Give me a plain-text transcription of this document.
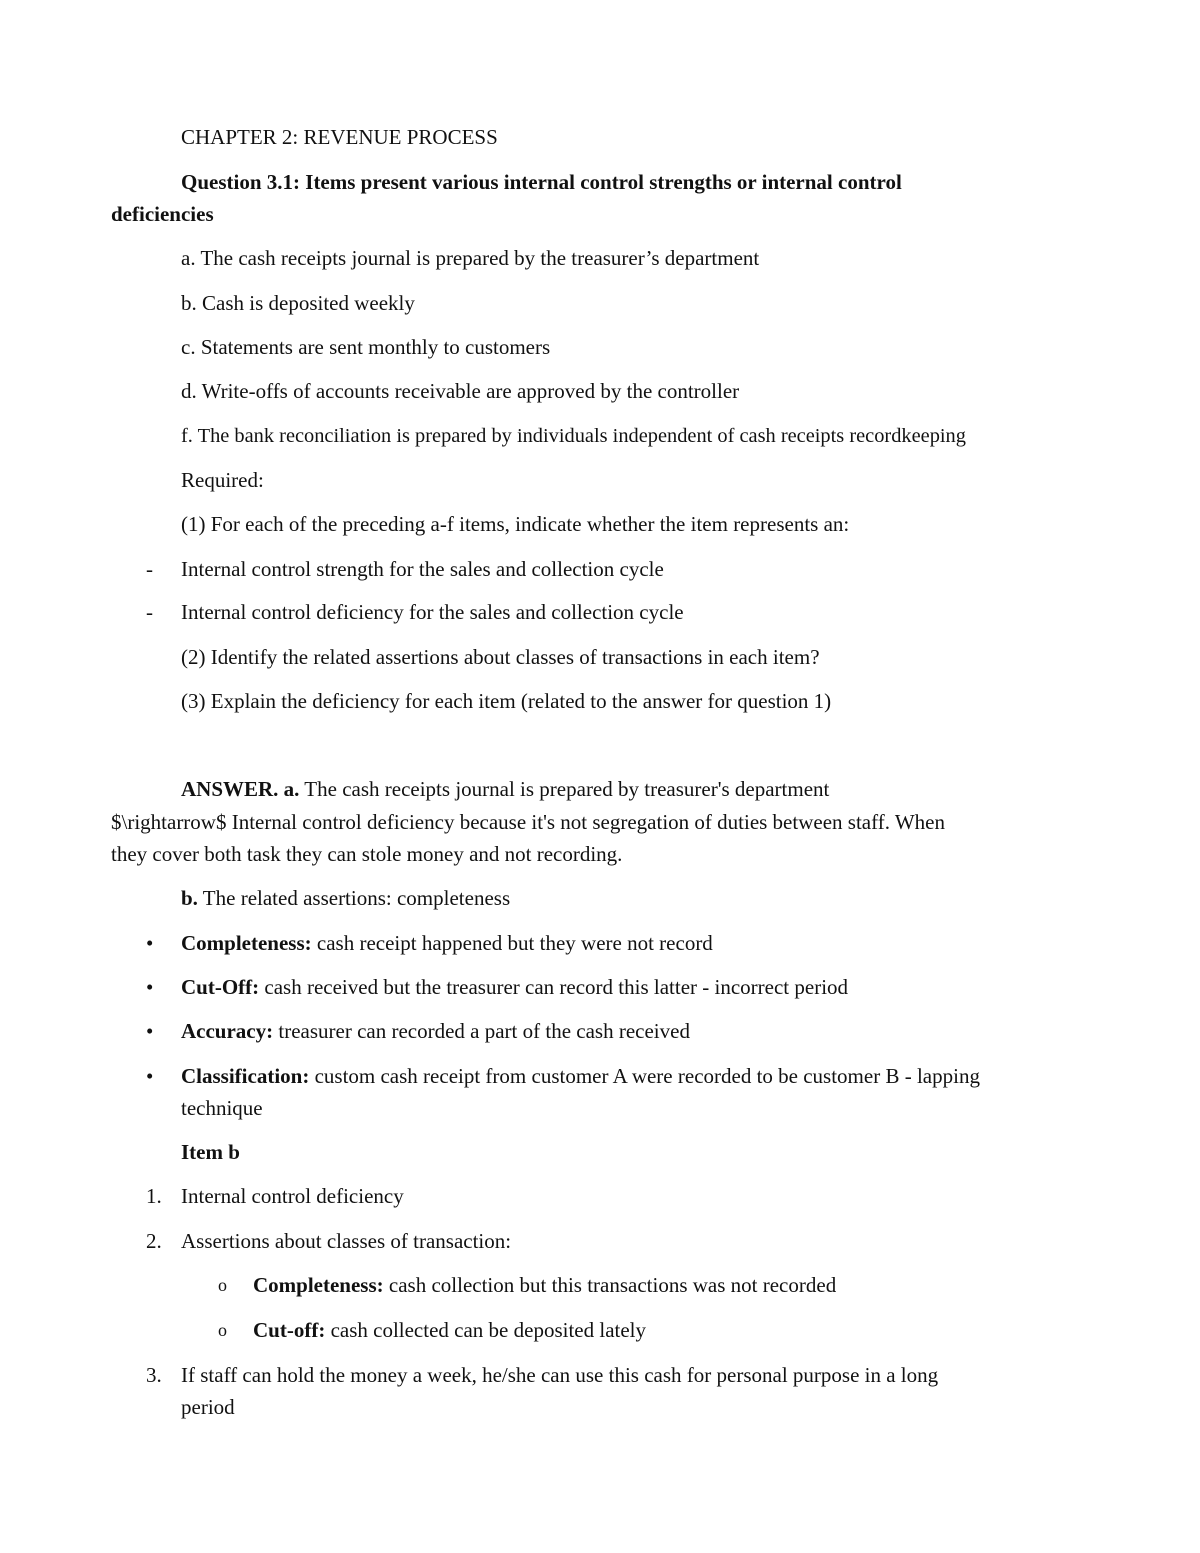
CHAPTER 2: REVENUE PROCESS
Question 3.1: Items present various internal control strengths or internal control
deficiencies
a. The cash receipts journal is prepared by the treasurer’s department
b. Cash is deposited weekly
c. Statements are sent monthly to customers
d. Write-offs of accounts receivable are approved by the controller
f. The bank reconciliation is prepared by individuals independent of cash receipts recordkeeping
Required:
(1) For each of the preceding a-f items, indicate whether the item represents an:
- Internal control strength for the sales and collection cycle
- Internal control deficiency for the sales and collection cycle
(2) Identify the related assertions about classes of transactions in each item?
(3) Explain the deficiency for each item (related to the answer for question 1)
ANSWER. a. The cash receipts journal is prepared by treasurer's department
$\rightarrow$ Internal control deficiency because it's not segregation of duties between staff. When
they cover both task they can stole money and not recording.
b. The related assertions: completeness
• Completeness: cash receipt happened but they were not record
• Cut-Off: cash received but the treasurer can record this latter - incorrect period
• Accuracy: treasurer can recorded a part of the cash received
• Classification: custom cash receipt from customer A were recorded to be customer B - lapping
technique
Item b
1. Internal control deficiency
2. Assertions about classes of transaction:
o Completeness: cash collection but this transactions was not recorded
o Cut-off: cash collected can be deposited lately
3. If staff can hold the money a week, he/she can use this cash for personal purpose in a long
period
